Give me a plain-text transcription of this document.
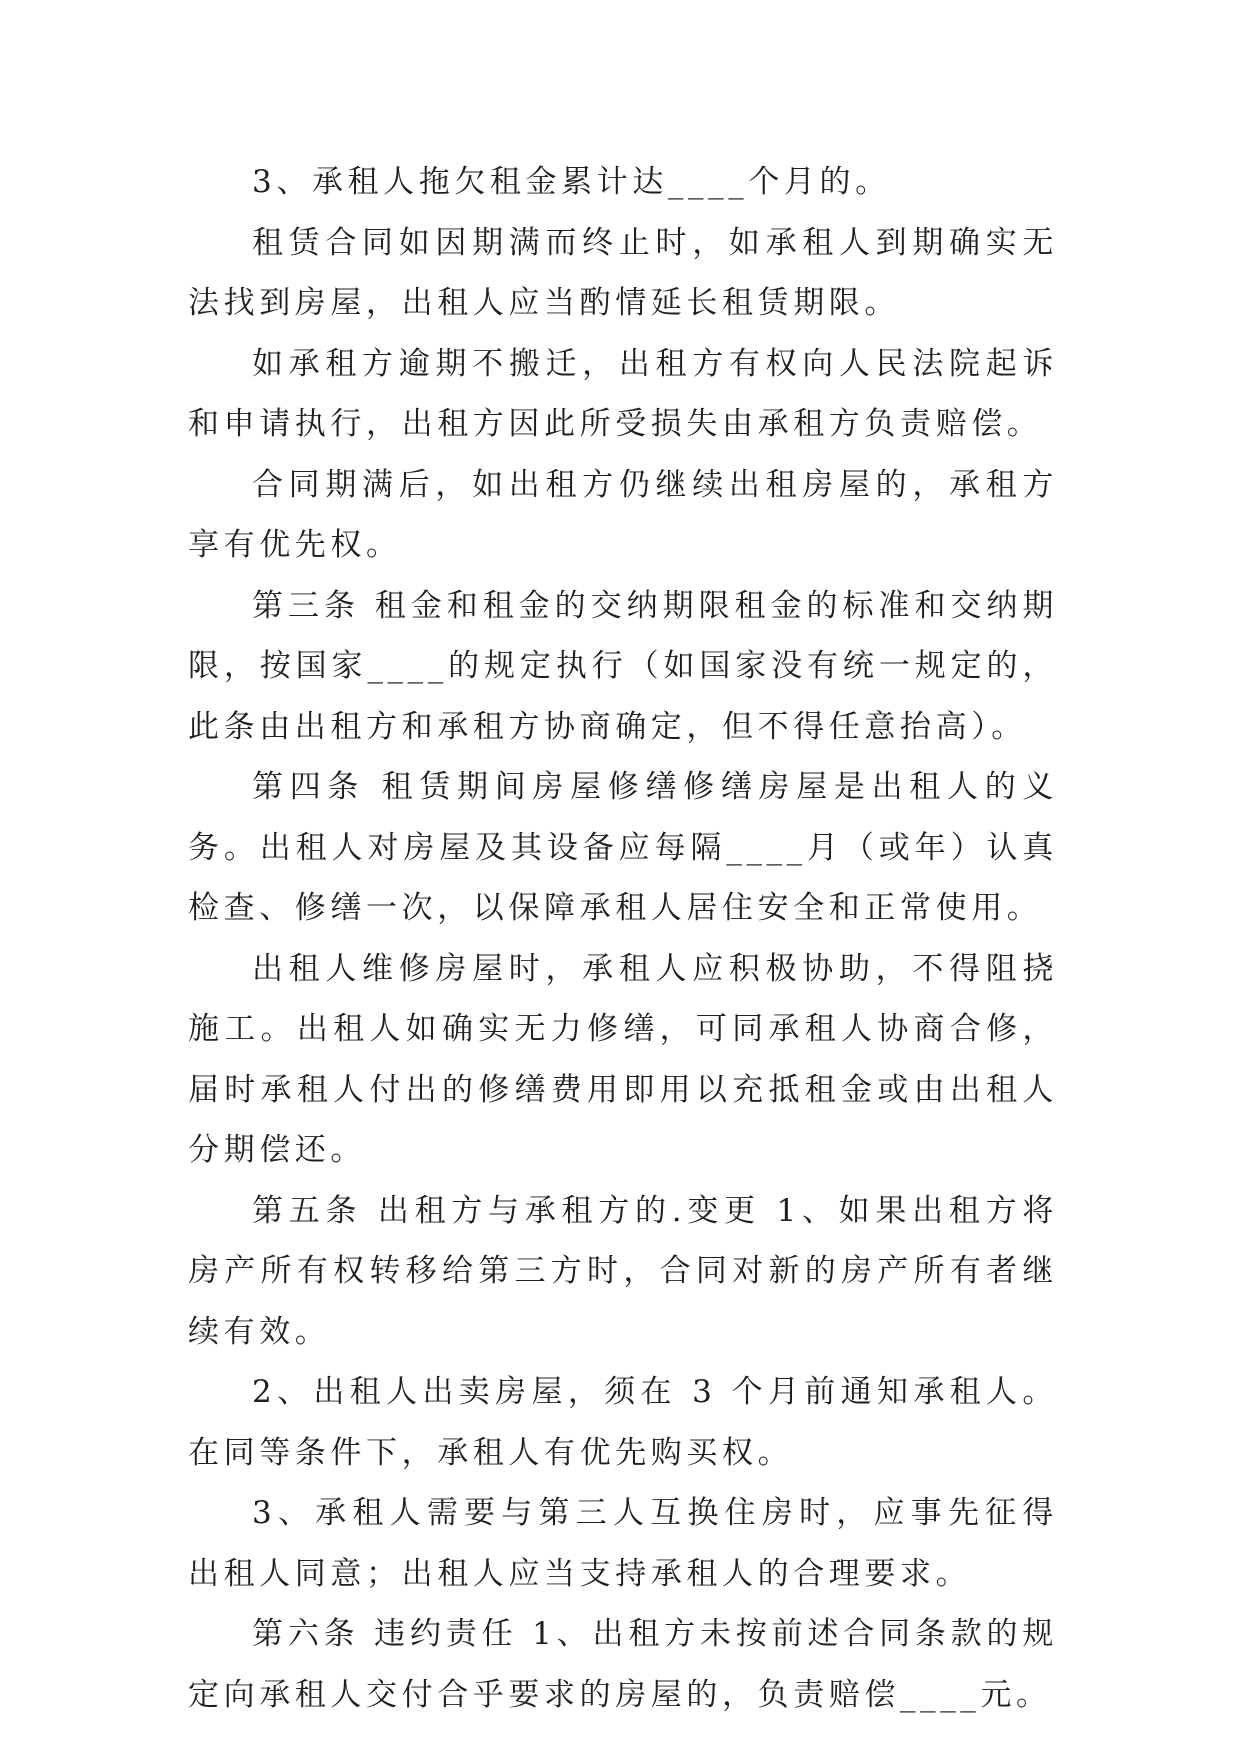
3、承租人拖欠租金累计达____个月的。

租赁合同如因期满而终止时，如承租人到期确实无法找到房屋，出租人应当酌情延长租赁期限。

如承租方逾期不搬迁，出租方有权向人民法院起诉和申请执行，出租方因此所受损失由承租方负责赔偿。

合同期满后，如出租方仍继续出租房屋的，承租方享有优先权。

第三条 租金和租金的交纳期限租金的标准和交纳期限，按国家____的规定执行（如国家没有统一规定的，此条由出租方和承租方协商确定，但不得任意抬高）。

第四条 租赁期间房屋修缮修缮房屋是出租人的义务。出租人对房屋及其设备应每隔____月（或年）认真检查、修缮一次，以保障承租人居住安全和正常使用。

出租人维修房屋时，承租人应积极协助，不得阻挠施工。出租人如确实无力修缮，可同承租人协商合修，届时承租人付出的修缮费用即用以充抵租金或由出租人分期偿还。

第五条 出租方与承租方的.变更 1、如果出租方将房产所有权转移给第三方时，合同对新的房产所有者继续有效。

2、出租人出卖房屋，须在 3 个月前通知承租人。在同等条件下，承租人有优先购买权。

3、承租人需要与第三人互换住房时，应事先征得出租人同意；出租人应当支持承租人的合理要求。

第六条 违约责任 1、出租方未按前述合同条款的规定向承租人交付合乎要求的房屋的，负责赔偿____元。
